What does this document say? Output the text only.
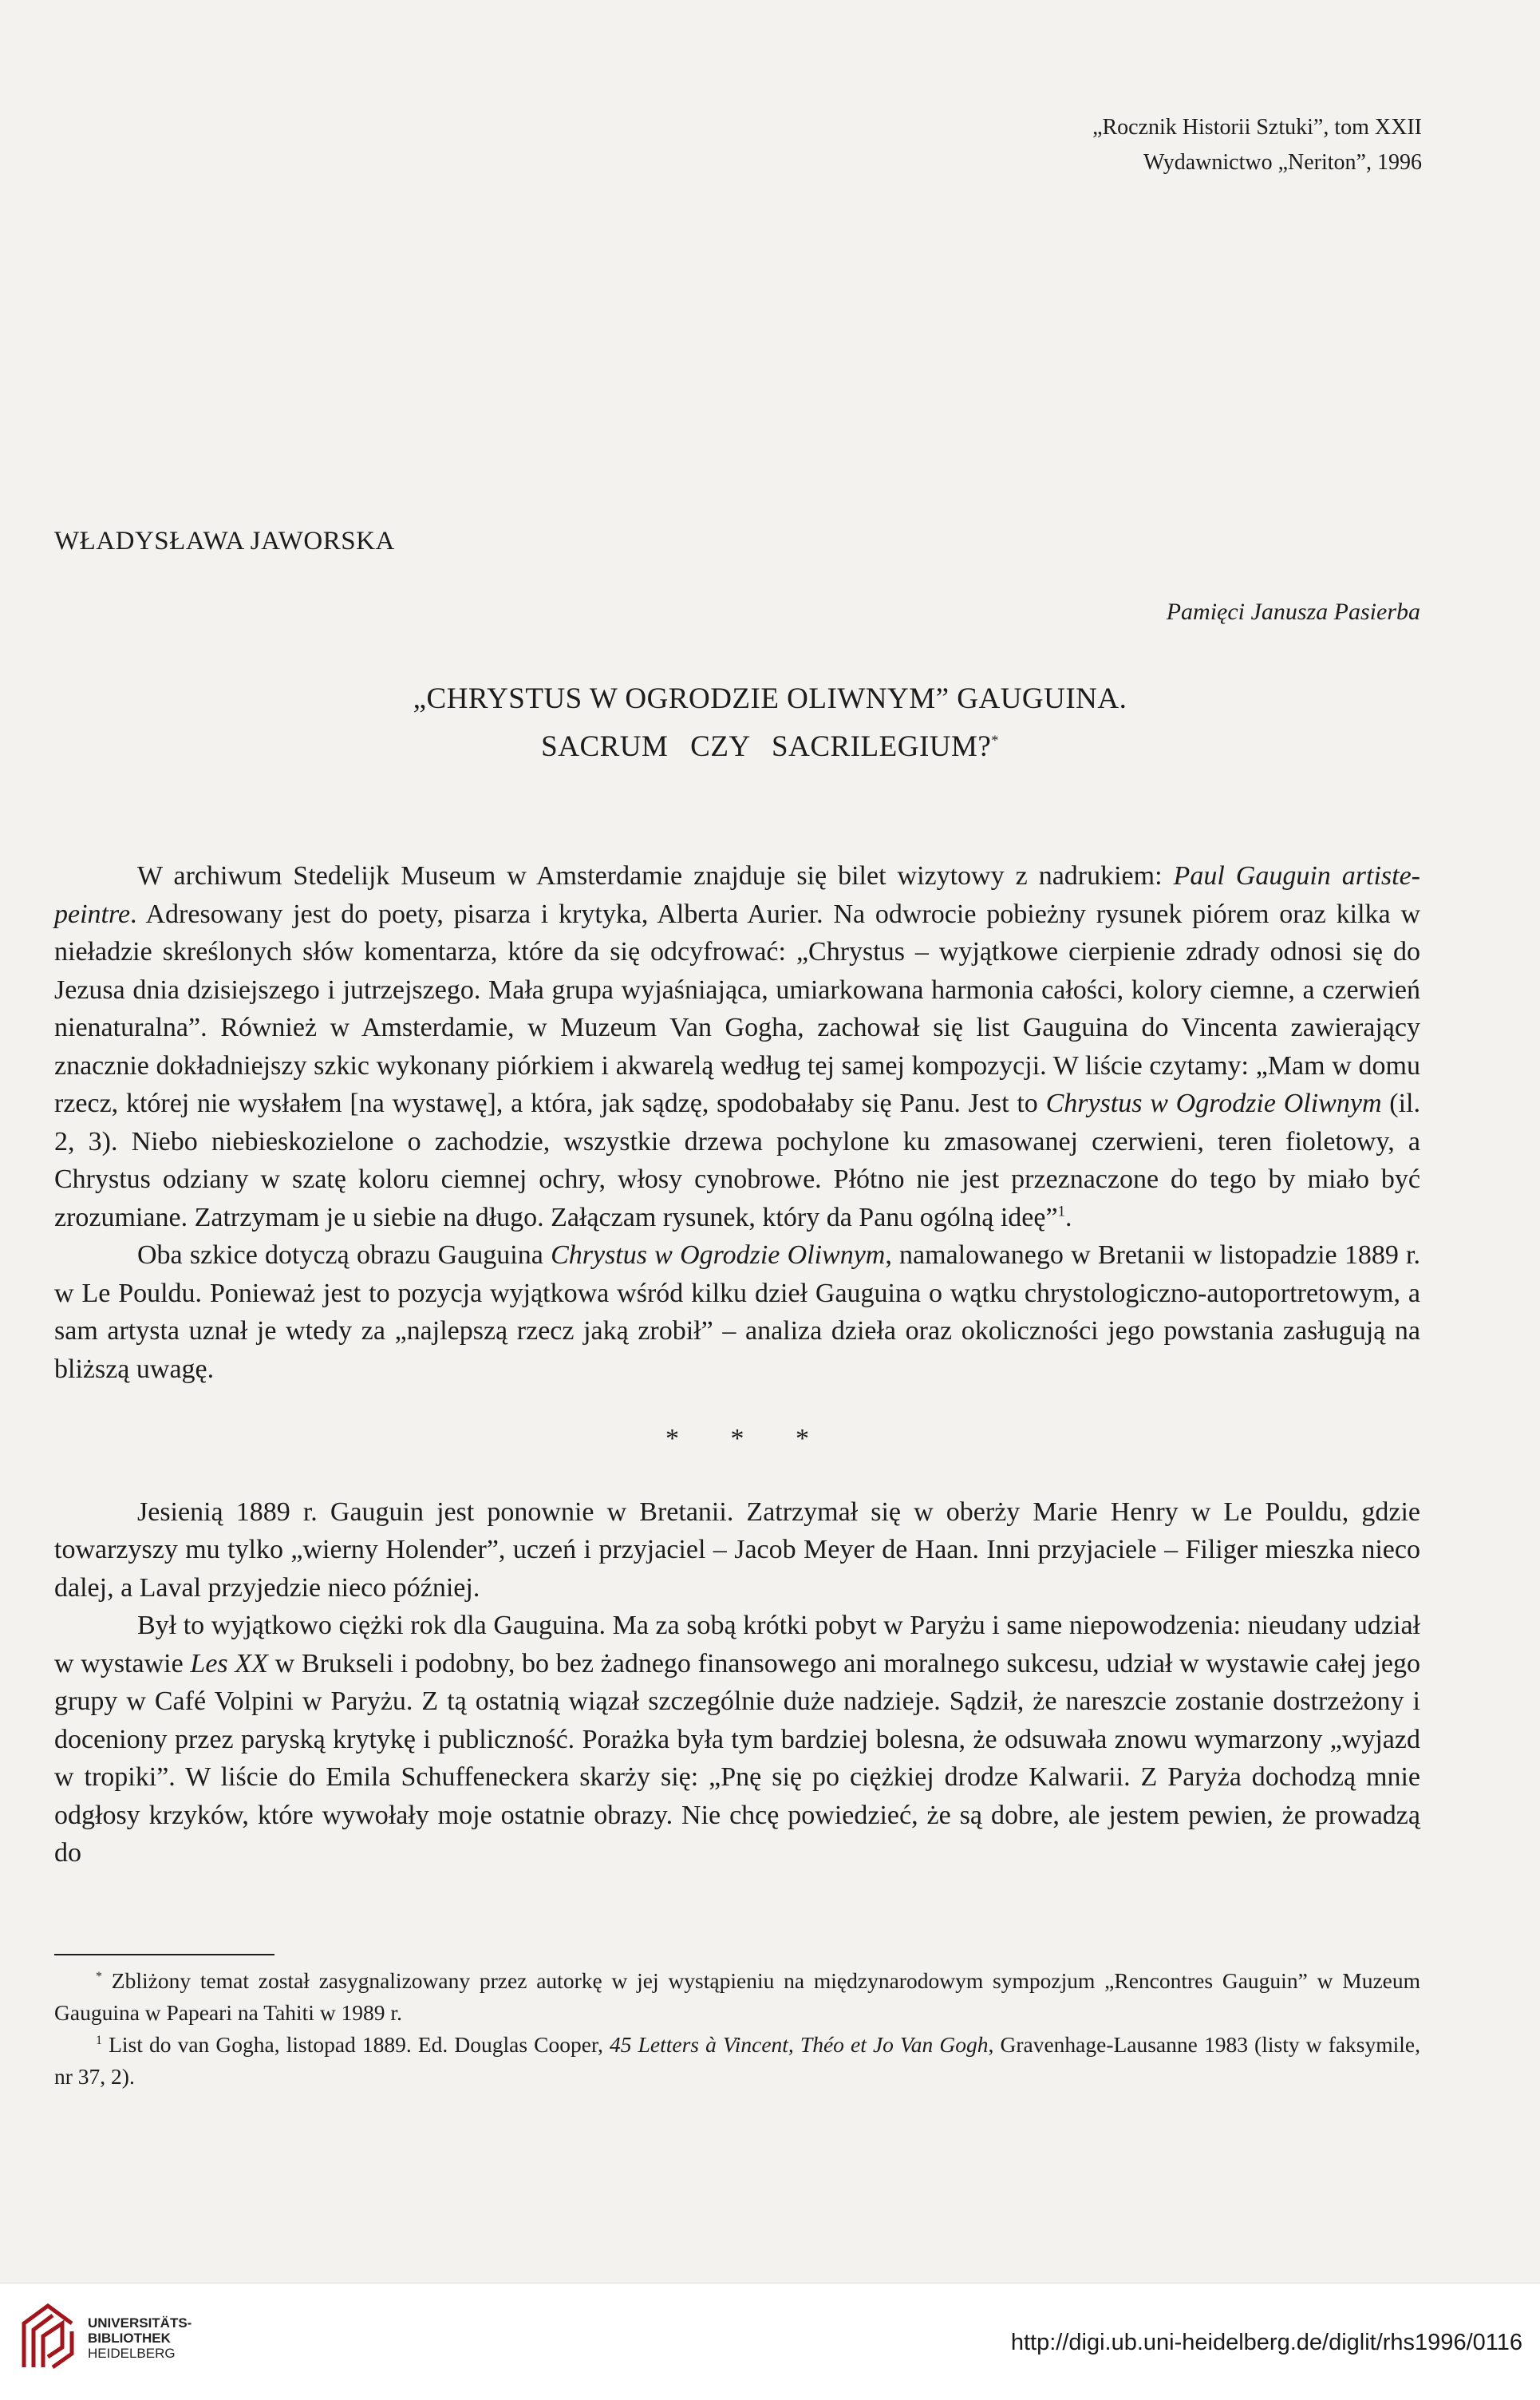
„Rocznik Historii Sztuki”, tom XXII
Wydawnictwo „Neriton”, 1996
WŁADYSŁAWA JAWORSKA
Pamięci Janusza Pasierba
„CHRYSTUS W OGRODZIE OLIWNYM” GAUGUINA.
SACRUM CZY SACRILEGIUM?*

W archiwum Stedelijk Museum w Amsterdamie znajduje się bilet wizytowy z nadrukiem: Paul Gauguin artiste-peintre. Adresowany jest do poety, pisarza i krytyka, Alberta Aurier. Na odwrocie pobieżny rysunek piórem oraz kilka w nieładzie skreślonych słów komentarza, które da się odcyfrować: „Chrystus – wyjątkowe cierpienie zdrady odnosi się do Jezusa dnia dzisiejszego i jutrzejszego. Mała grupa wyjaśniająca, umiarkowana harmonia całości, kolory ciemne, a czerwień nienaturalna”. Również w Amsterdamie, w Muzeum Van Gogha, zachował się list Gauguina do Vincenta zawierający znacznie dokładniejszy szkic wykonany piórkiem i akwarelą według tej samej kompozycji. W liście czytamy: „Mam w domu rzecz, której nie wysłałem [na wystawę], a która, jak sądzę, spodobałaby się Panu. Jest to Chrystus w Ogrodzie Oliwnym (il. 2, 3). Niebo niebieskozielone o zachodzie, wszystkie drzewa pochylone ku zmasowanej czerwieni, teren fioletowy, a Chrystus odziany w szatę koloru ciemnej ochry, włosy cynobrowe. Płótno nie jest przeznaczone do tego by miało być zrozumiane. Zatrzymam je u siebie na długo. Załączam rysunek, który da Panu ogólną ideę”$^1$.

Oba szkice dotyczą obrazu Gauguina Chrystus w Ogrodzie Oliwnym, namalowanego w Bretanii w listopadzie 1889 r. w Le Pouldu. Ponieważ jest to pozycja wyjątkowa wśród kilku dzieł Gauguina o wątku chrystologiczno-autoportretowym, a sam artysta uznał je wtedy za „najlepszą rzecz jaką zrobił” – analiza dzieła oraz okoliczności jego powstania zasługują na bliższą uwagę.

* * *

Jesienią 1889 r. Gauguin jest ponownie w Bretanii. Zatrzymał się w oberży Marie Henry w Le Pouldu, gdzie towarzyszy mu tylko „wierny Holender”, uczeń i przyjaciel – Jacob Meyer de Haan. Inni przyjaciele – Filiger mieszka nieco dalej, a Laval przyjedzie nieco później.

Był to wyjątkowo ciężki rok dla Gauguina. Ma za sobą krótki pobyt w Paryżu i same niepowodzenia: nieudany udział w wystawie Les XX w Brukseli i podobny, bo bez żadnego finansowego ani moralnego sukcesu, udział w wystawie całej jego grupy w Café Volpini w Paryżu. Z tą ostatnią wiązał szczególnie duże nadzieje. Sądził, że nareszcie zostanie dostrzeżony i doceniony przez paryską krytykę i publiczność. Porażka była tym bardziej bolesna, że odsuwała znowu wymarzony „wyjazd w tropiki”. W liście do Emila Schuffeneckera skarży się: „Pnę się po ciężkiej drodze Kalwarii. Z Paryża dochodzą mnie odgłosy krzyków, które wywołały moje ostatnie obrazy. Nie chcę powiedzieć, że są dobre, ale jestem pewien, że prowadzą do

* Zbliżony temat został zasygnalizowany przez autorkę w jej wystąpieniu na międzynarodowym sympozjum „Rencontres Gauguin” w Muzeum Gauguina w Papeari na Tahiti w 1989 r.

$^1$ List do van Gogha, listopad 1889. Ed. Douglas Cooper, 45 Letters à Vincent, Théo et Jo Van Gogh, Gravenhage-Lausanne 1983 (listy w faksymile, nr 37, 2).

UNIVERSITÄTS-
BIBLIOTHEK
HEIDELBERG	http://digi.ub.uni-heidelberg.de/diglit/rhs1996/0116
